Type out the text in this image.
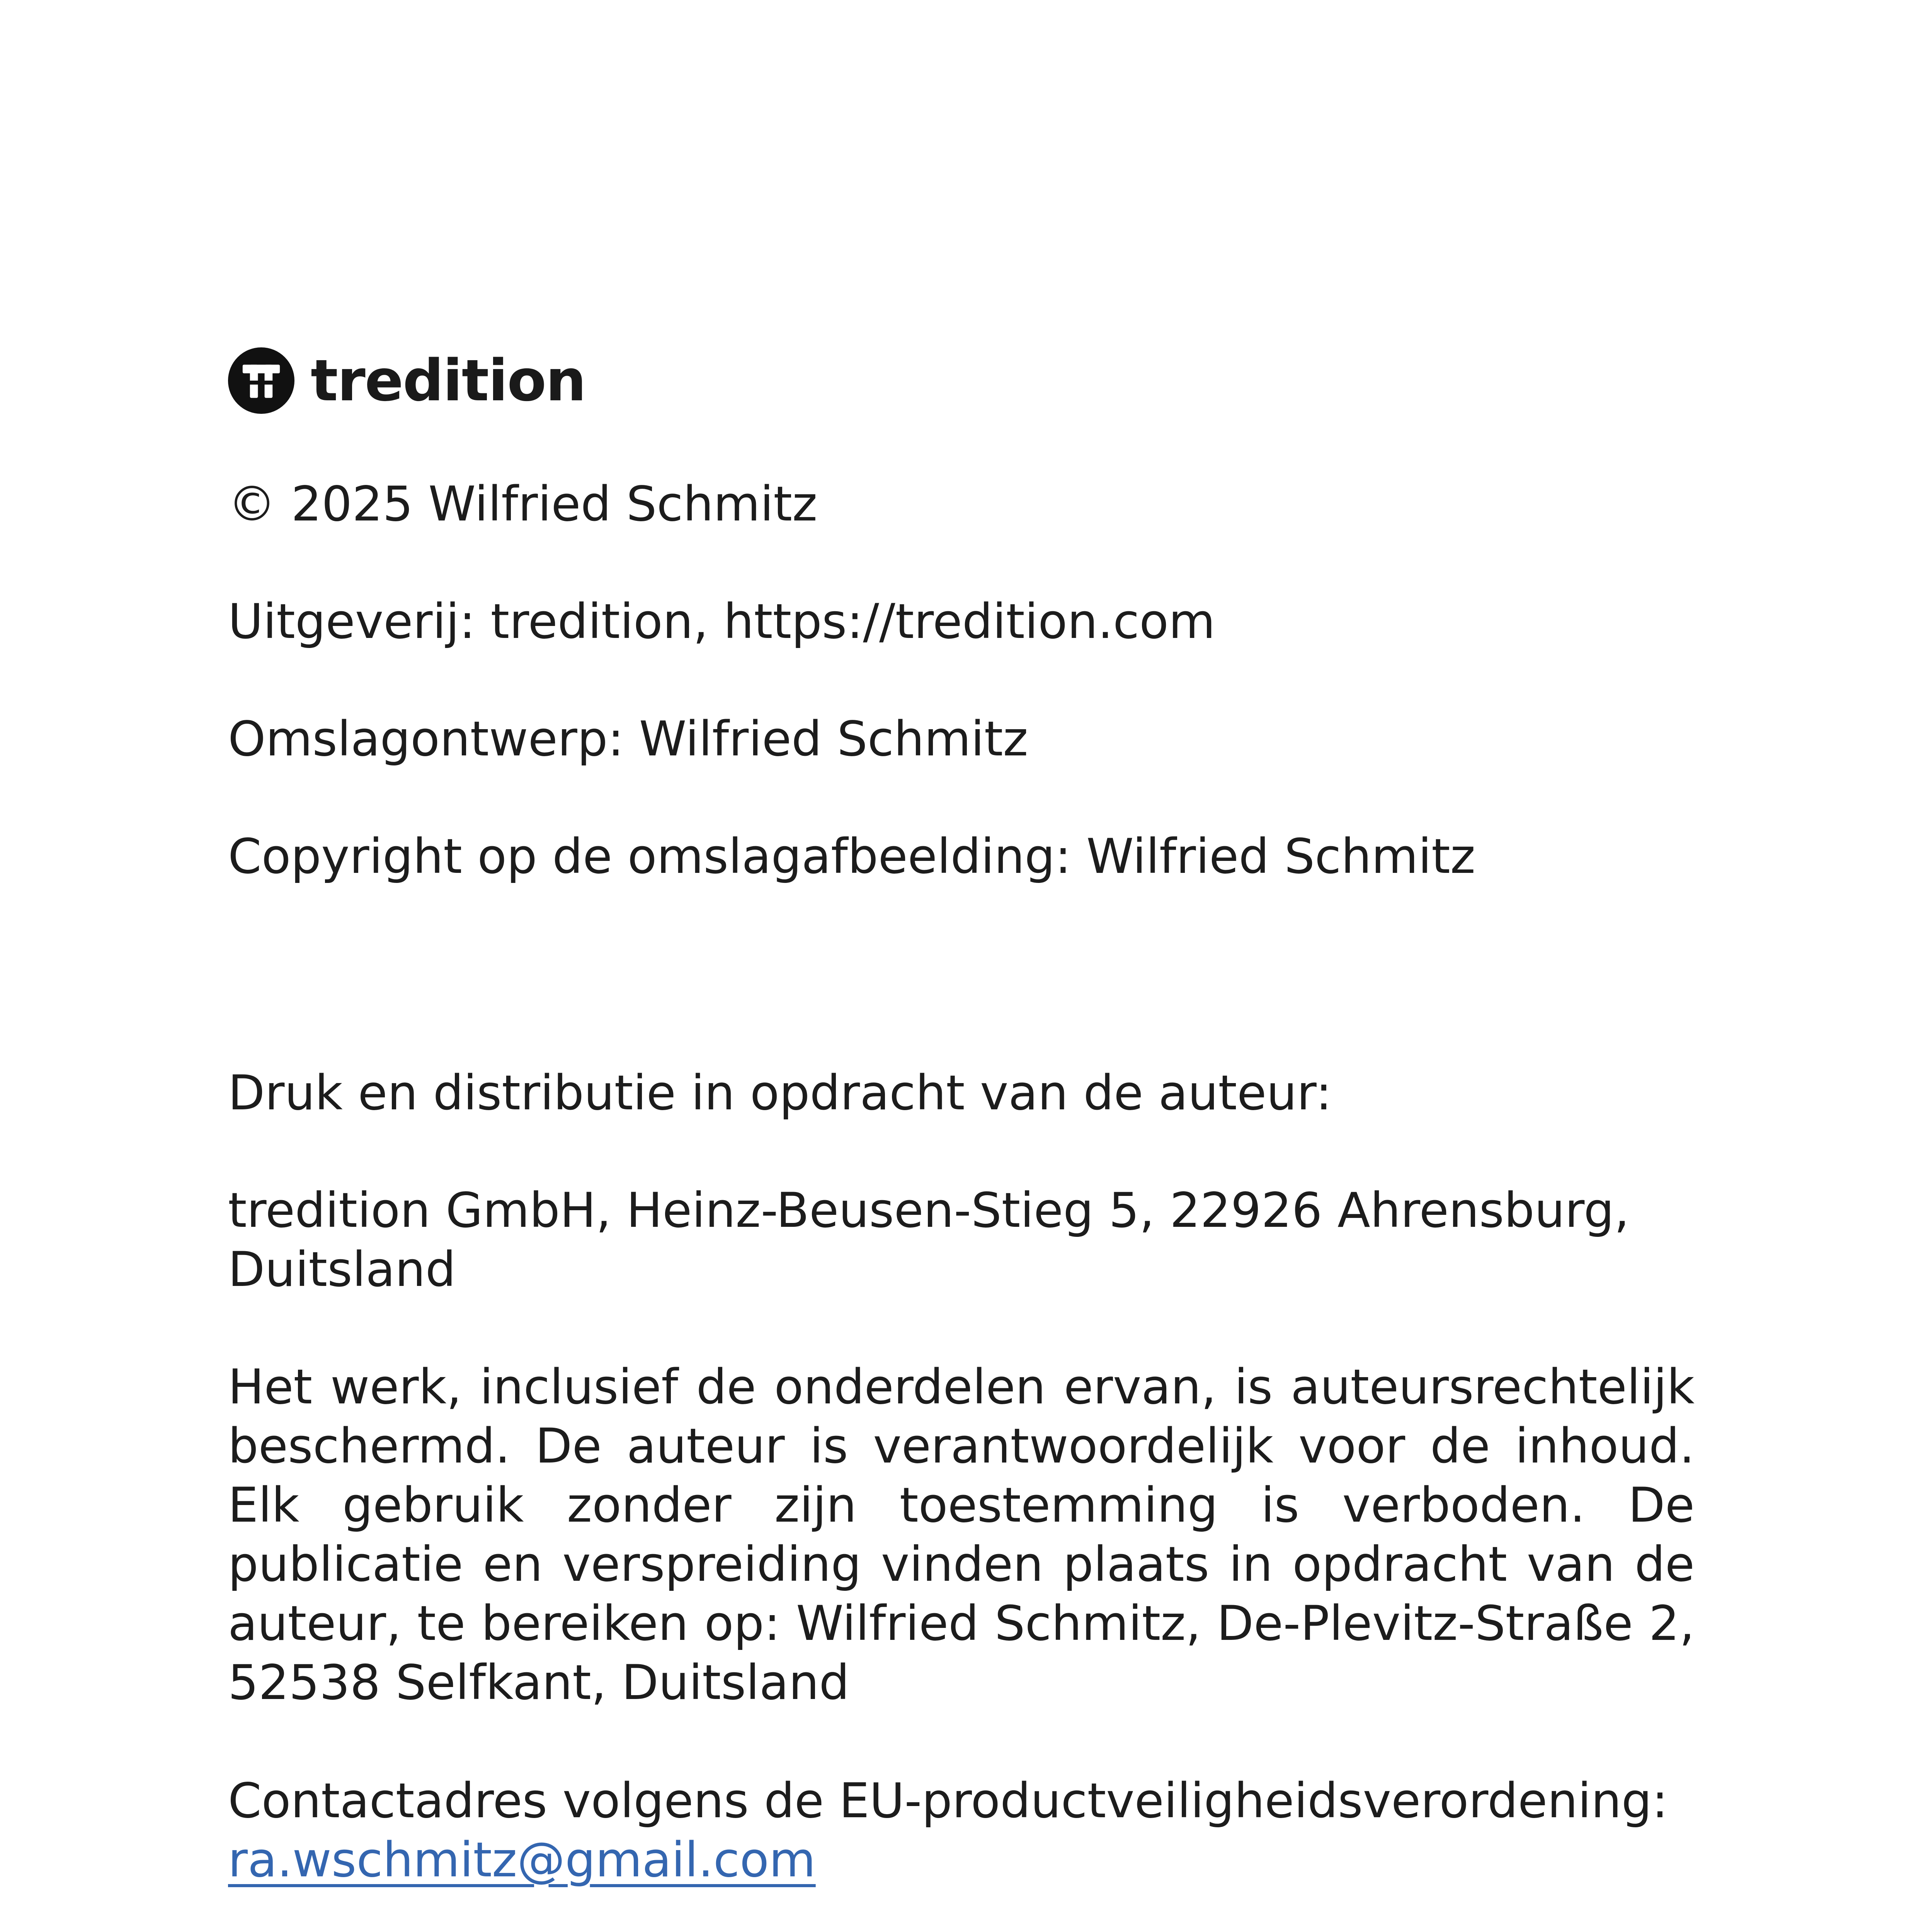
tredition

© 2025 Wilfried Schmitz

Uitgeverij: tredition, https://tredition.com

Omslagontwerp: Wilfried Schmitz

Copyright op de omslagafbeelding: Wilfried Schmitz

Druk en distributie in opdracht van de auteur:

tredition GmbH, Heinz-Beusen-Stieg 5, 22926 Ahrensburg,

Duitsland

Het werk, inclusief de onderdelen ervan, is auteursrechtelijk beschermd. De auteur is verantwoordelijk voor de inhoud. Elk gebruik zonder zijn toestemming is verboden. De publicatie en verspreiding vinden plaats in opdracht van de auteur, te bereiken op: Wilfried Schmitz, De-Plevitz-Straße 2, 52538 Selfkant, Duitsland

Contactadres volgens de EU-productveiligheidsverordening:

ra.wschmitz@gmail.com
